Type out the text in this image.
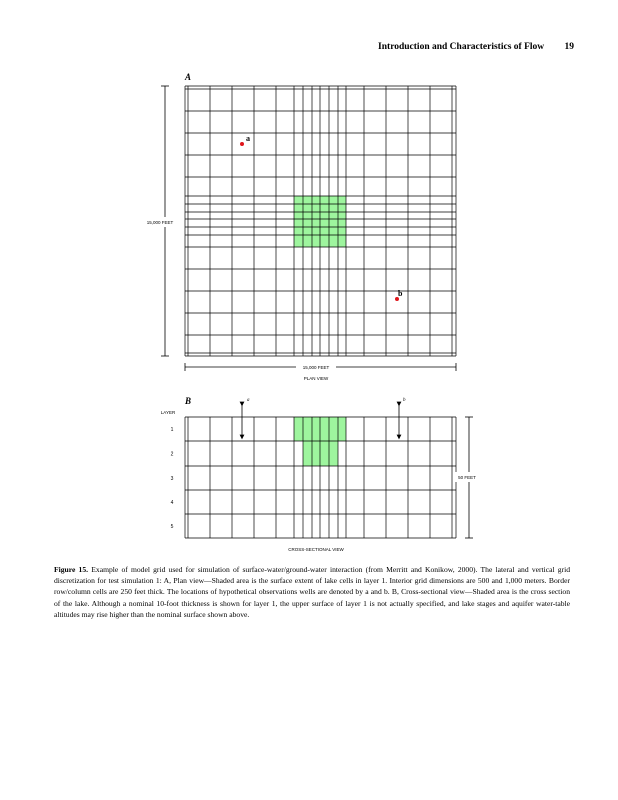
Introduction and Characteristics of Flow 19
A
15,000 FEET
15,000 FEET
PLAN VIEW
a
b
B
LAYER
1
2
3
4
5
a	b
50 FEET
CROSS-SECTIONAL VIEW
Figure 15. Example of model grid used for simulation of surface-water/ground-water interaction (from Merritt and Konikow, 2000). The lateral and vertical grid discretization for test simulation 1: A, Plan view—Shaded area is the surface extent of lake cells in layer 1. Interior grid dimensions are 500 and 1,000 meters. Border row/column cells are 250 feet thick. The locations of hypothetical observations wells are denoted by a and b. B, Cross-sectional view—Shaded area is the cross section of the lake. Although a nominal 10-foot thickness is shown for layer 1, the upper surface of layer 1 is not actually specified, and lake stages and aquifer water-table altitudes may rise higher than the nominal surface shown above.
